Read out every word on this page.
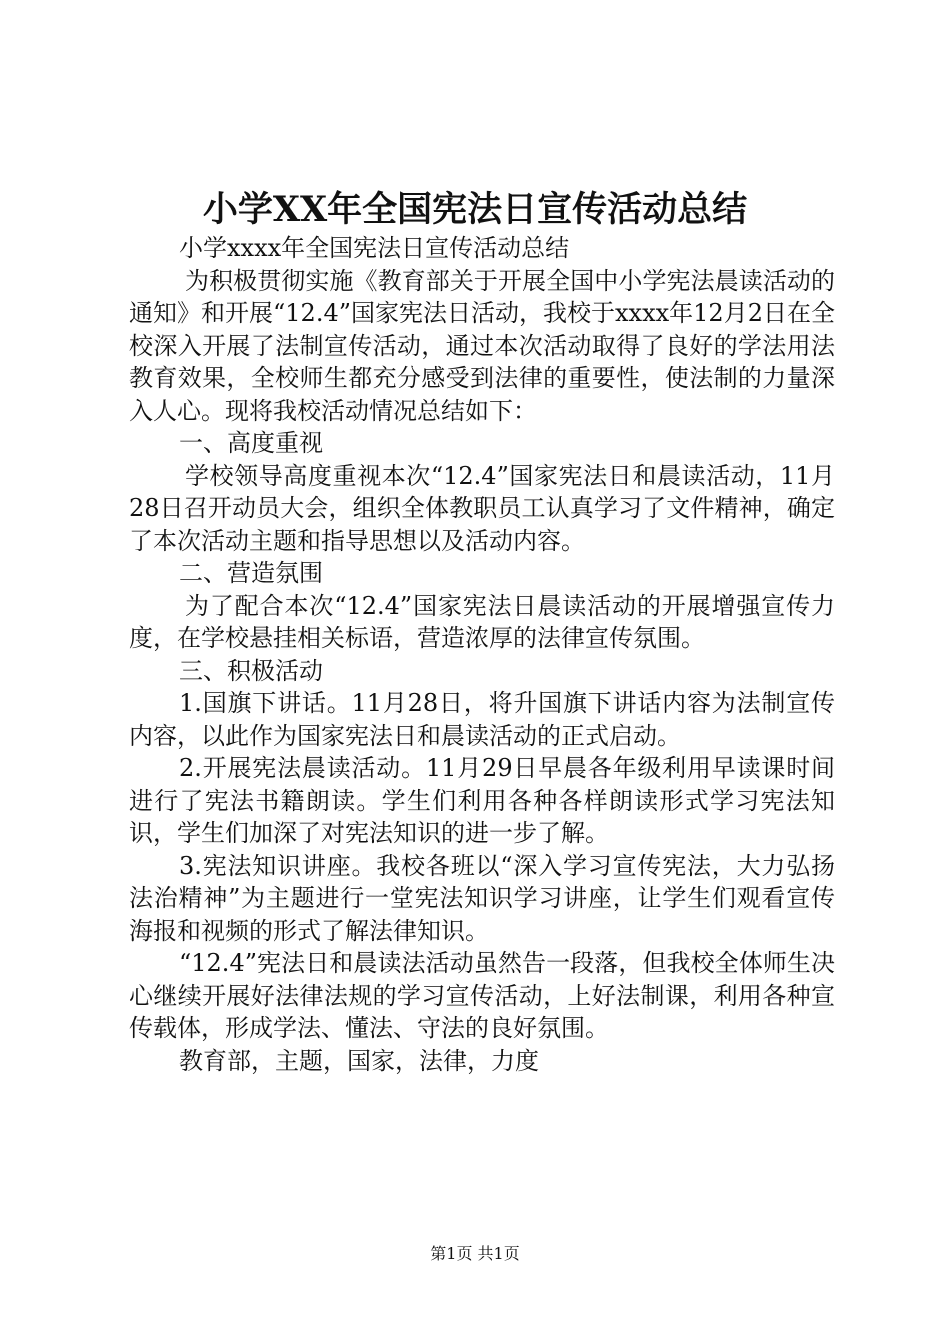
小学XX年全国宪法日宣传活动总结

小学xxxx年全国宪法日宣传活动总结

为积极贯彻实施《教育部关于开展全国中小学宪法晨读活动的通知》和开展“12.4”国家宪法日活动，我校于xxxx年12月2日在全校深入开展了法制宣传活动，通过本次活动取得了良好的学法用法教育效果，全校师生都充分感受到法律的重要性，使法制的力量深入人心。现将我校活动情况总结如下：

一、高度重视

学校领导高度重视本次“12.4”国家宪法日和晨读活动，11月28日召开动员大会，组织全体教职员工认真学习了文件精神，确定了本次活动主题和指导思想以及活动内容。

二、营造氛围

为了配合本次“12.4”国家宪法日晨读活动的开展增强宣传力度，在学校悬挂相关标语，营造浓厚的法律宣传氛围。

三、积极活动

1.国旗下讲话。11月28日，将升国旗下讲话内容为法制宣传内容，以此作为国家宪法日和晨读活动的正式启动。

2.开展宪法晨读活动。11月29日早晨各年级利用早读课时间进行了宪法书籍朗读。学生们利用各种各样朗读形式学习宪法知识，学生们加深了对宪法知识的进一步了解。

3.宪法知识讲座。我校各班以“深入学习宣传宪法，大力弘扬法治精神”为主题进行一堂宪法知识学习讲座，让学生们观看宣传海报和视频的形式了解法律知识。

“12.4”宪法日和晨读法活动虽然告一段落，但我校全体师生决心继续开展好法律法规的学习宣传活动，上好法制课，利用各种宣传载体，形成学法、懂法、守法的良好氛围。

教育部，主题，国家，法律，力度

第1页 共1页
